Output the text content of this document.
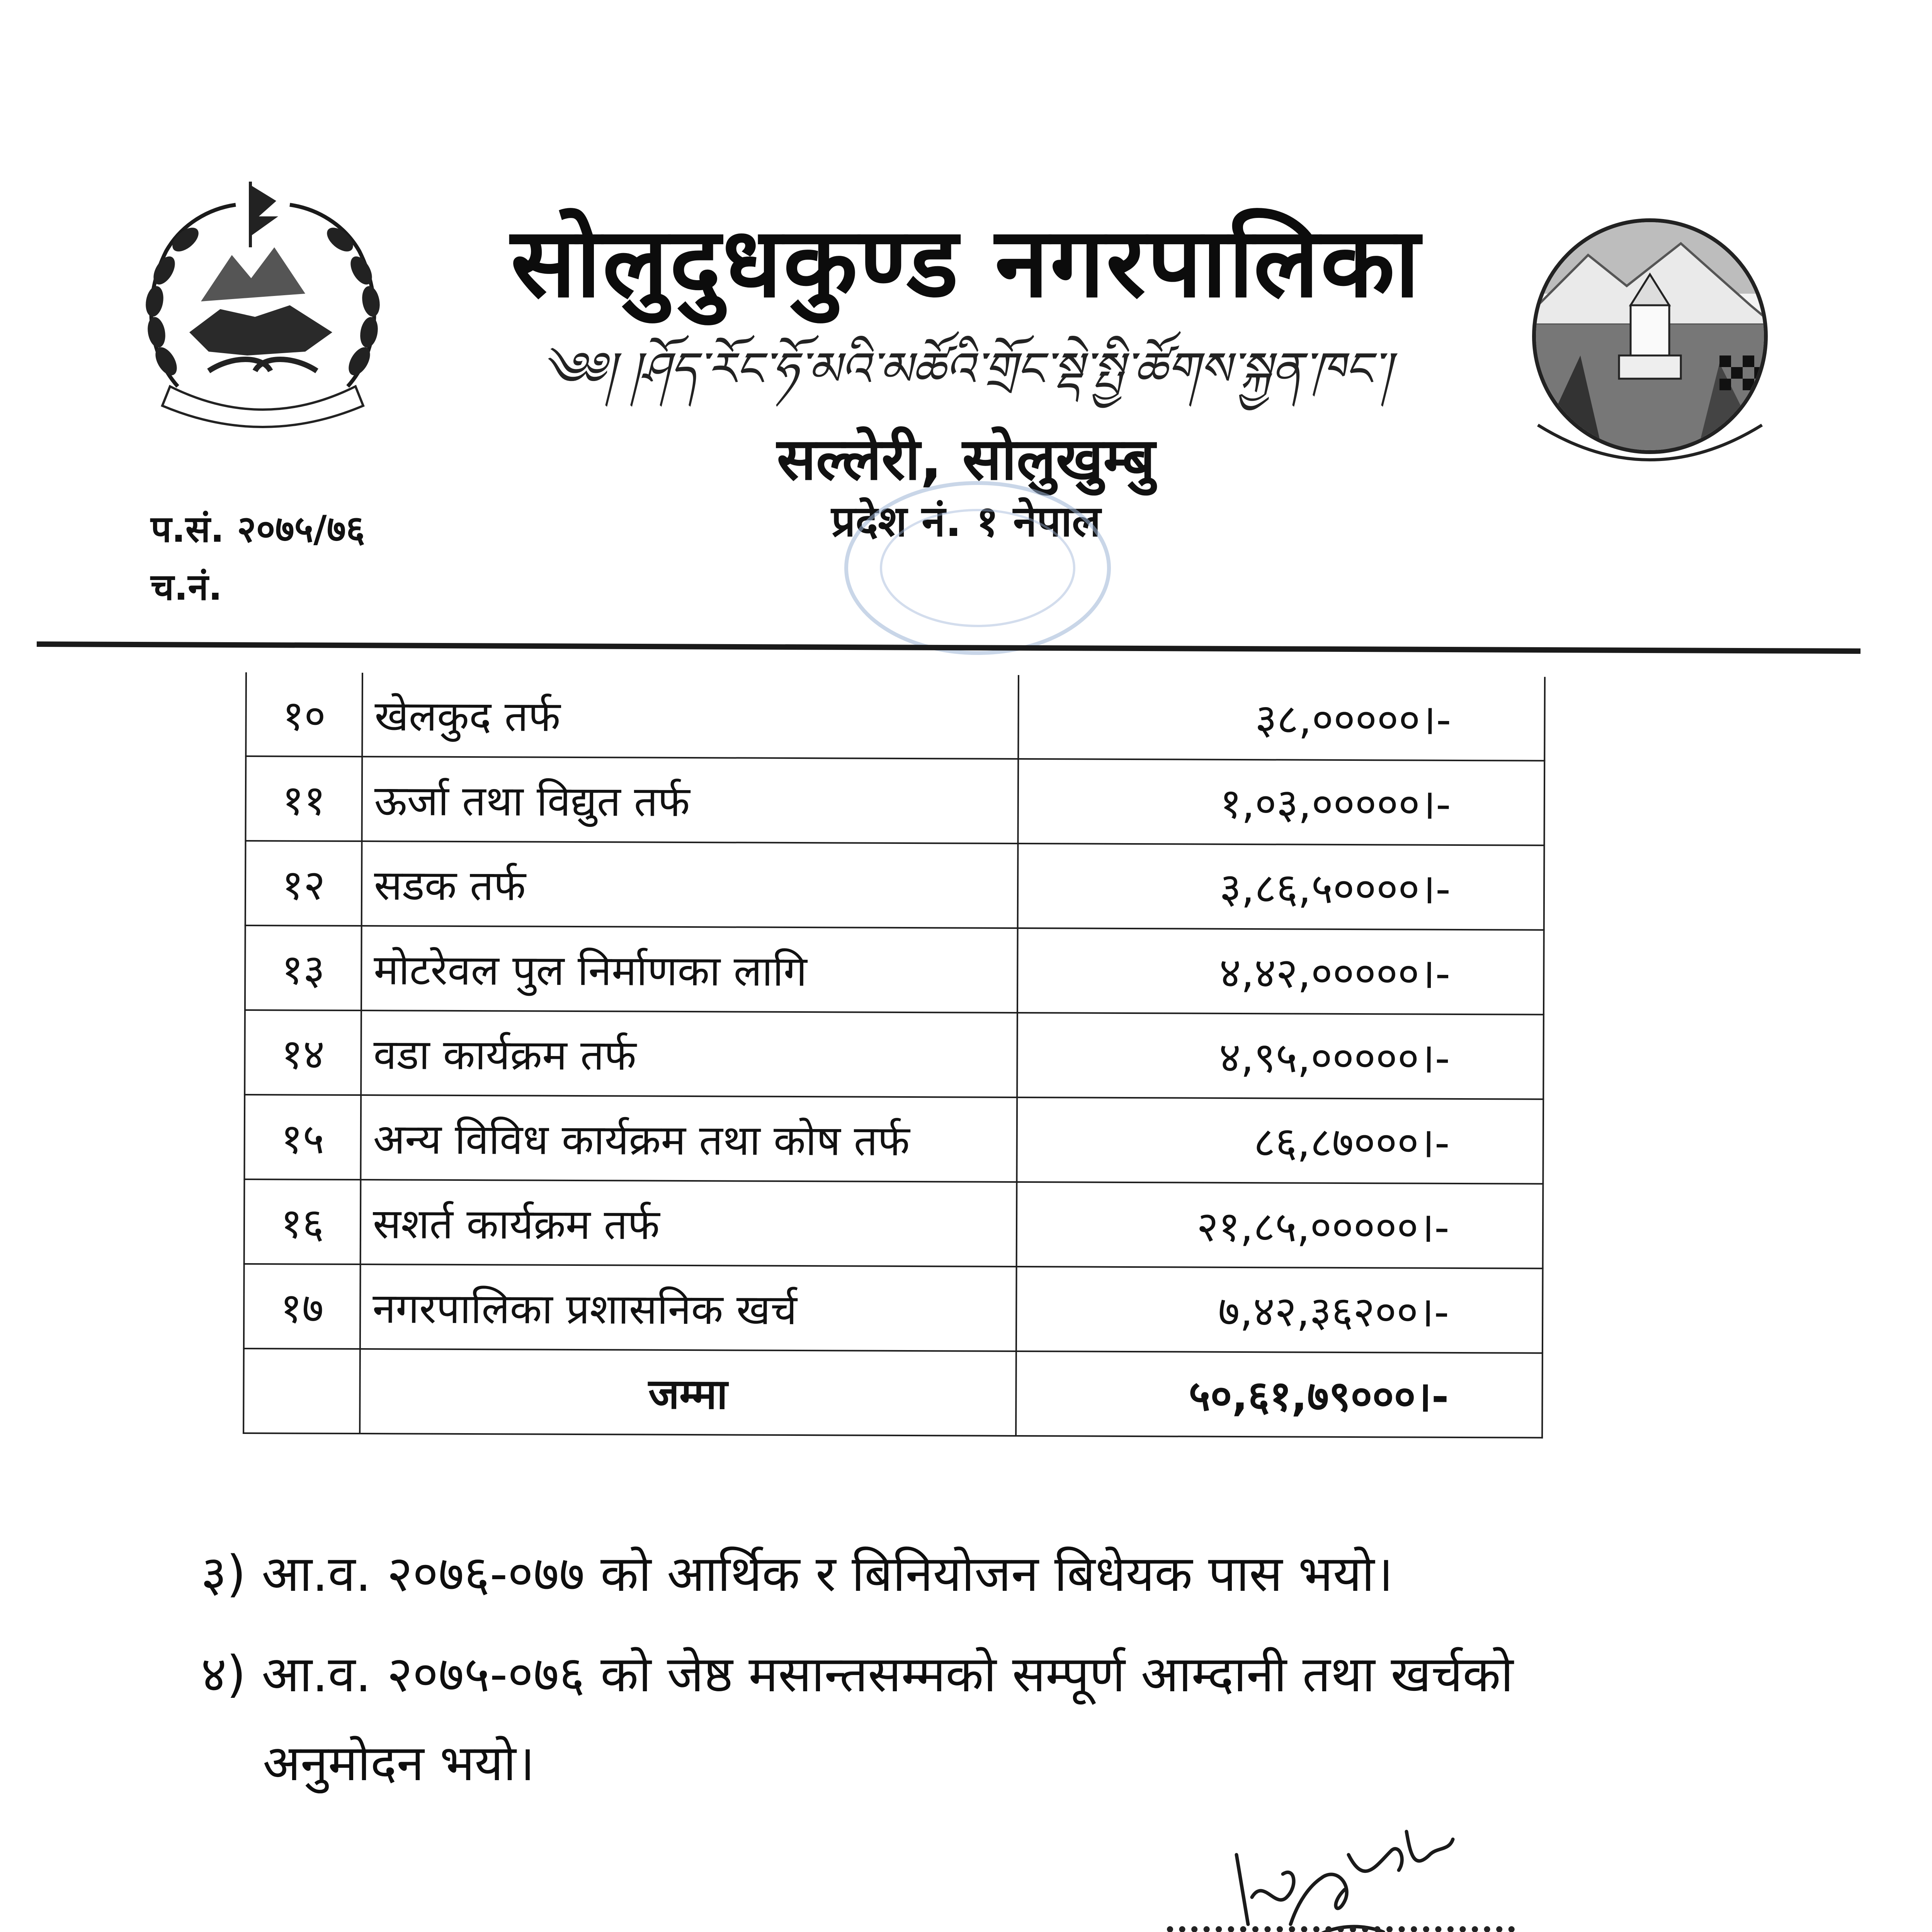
सोलुदुधकुण्ड नगरपालिका
༄༅། །ཤོད་རོང་ཧོ་མའི་མཚོའི་གྲོང་སྡེ་སྤྱི་ཚོགས་སྐྱན་ཁང་།
सल्लेरी, सोलुखुम्बु
प्रदेश नं. १ नेपाल
प.सं. २०७५/७६
च.नं.
१०	खेलकुद तर्फ	३८,०००००।-
११	ऊर्जा तथा विद्युत तर्फ	१,०३,०००००।-
१२	सडक तर्फ	३,८६,५००००।-
१३	मोटरेवल पुल निर्माणका लागि	४,४२,०००००।-
१४	वडा कार्यक्रम तर्फ	४,९५,०००००।-
१५	अन्य विविध कार्यक्रम तथा कोष तर्फ	८६,८७०००।-
१६	सशर्त कार्यक्रम तर्फ	२१,८५,०००००।-
१७	नगरपालिका प्रशासनिक खर्च	७,४२,३६२००।-
	जम्मा	५०,६१,७९०००।-
३) आ.व. २०७६-०७७ को आर्थिक र बिनियोजन बिधेयक पास भयो।
४) आ.व. २०७५-०७६ को जेष्ठ मसान्तसम्मको सम्पूर्ण आम्दानी तथा खर्चको
अनुमोदन भयो।
